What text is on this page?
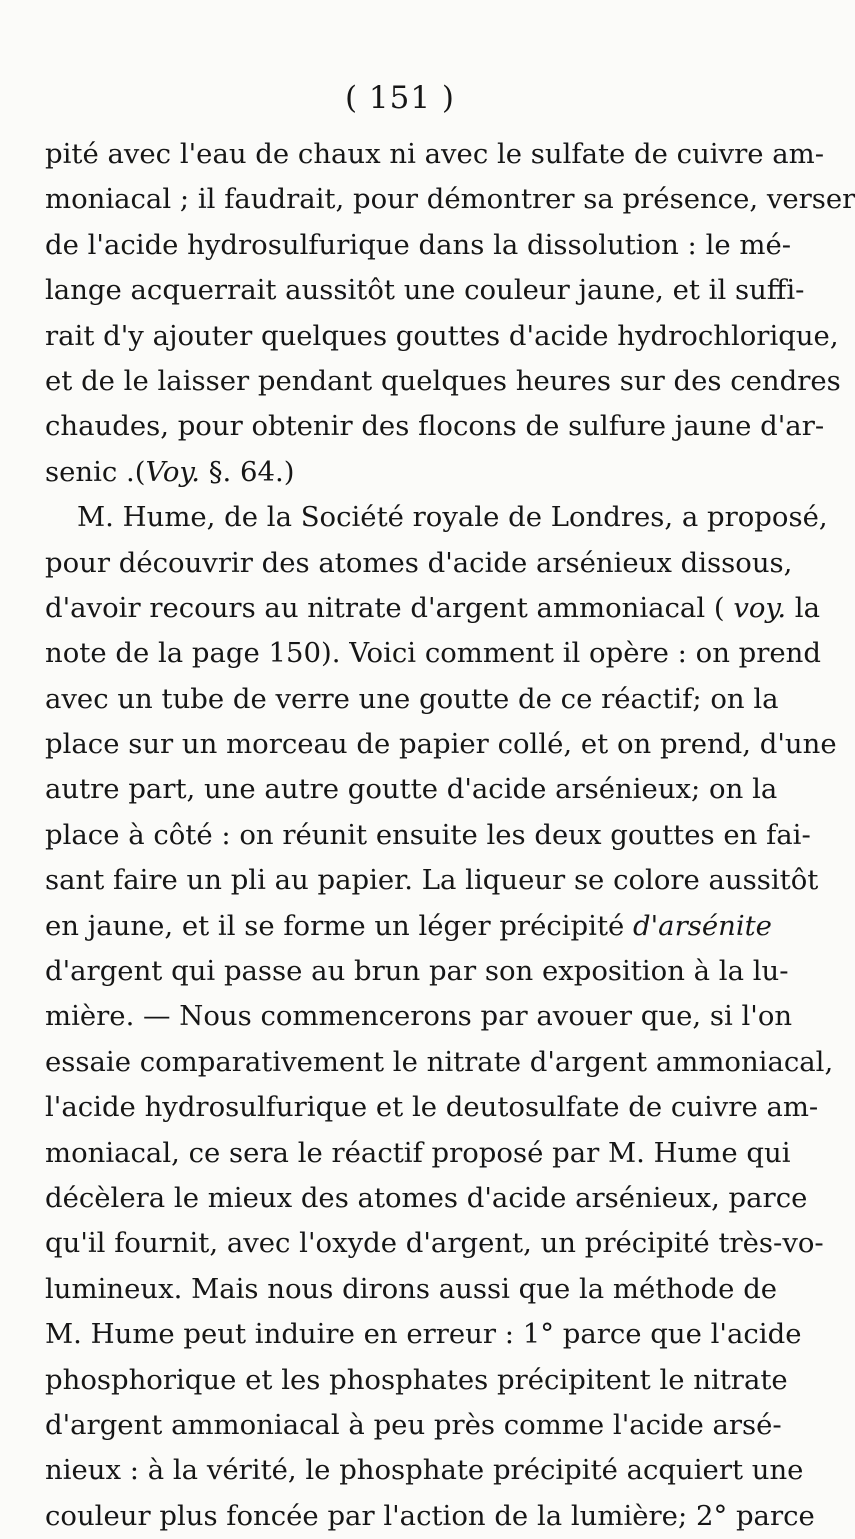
( 151 )
pité avec l'eau de chaux ni avec le sulfate de cuivre am-
moniacal ; il faudrait, pour démontrer sa présence, verser
de l'acide hydrosulfurique dans la dissolution : le mé-
lange acquerrait aussitôt une couleur jaune, et il suffi-
rait d'y ajouter quelques gouttes d'acide hydrochlorique,
et de le laisser pendant quelques heures sur des cendres
chaudes, pour obtenir des flocons de sulfure jaune d'ar-
senic .(Voy. §. 64.)
M. Hume, de la Société royale de Londres, a proposé,
pour découvrir des atomes d'acide arsénieux dissous,
d'avoir recours au nitrate d'argent ammoniacal ( voy. la
note de la page 150). Voici comment il opère : on prend
avec un tube de verre une goutte de ce réactif; on la
place sur un morceau de papier collé, et on prend, d'une
autre part, une autre goutte d'acide arsénieux; on la
place à côté : on réunit ensuite les deux gouttes en fai-
sant faire un pli au papier. La liqueur se colore aussitôt
en jaune, et il se forme un léger précipité d'arsénite
d'argent qui passe au brun par son exposition à la lu-
mière. — Nous commencerons par avouer que, si l'on
essaie comparativement le nitrate d'argent ammoniacal,
l'acide hydrosulfurique et le deutosulfate de cuivre am-
moniacal, ce sera le réactif proposé par M. Hume qui
décèlera le mieux des atomes d'acide arsénieux, parce
qu'il fournit, avec l'oxyde d'argent, un précipité très-vo-
lumineux. Mais nous dirons aussi que la méthode de
M. Hume peut induire en erreur : 1° parce que l'acide
phosphorique et les phosphates précipitent le nitrate
d'argent ammoniacal à peu près comme l'acide arsé-
nieux : à la vérité, le phosphate précipité acquiert une
couleur plus foncée par l'action de la lumière; 2° parce
